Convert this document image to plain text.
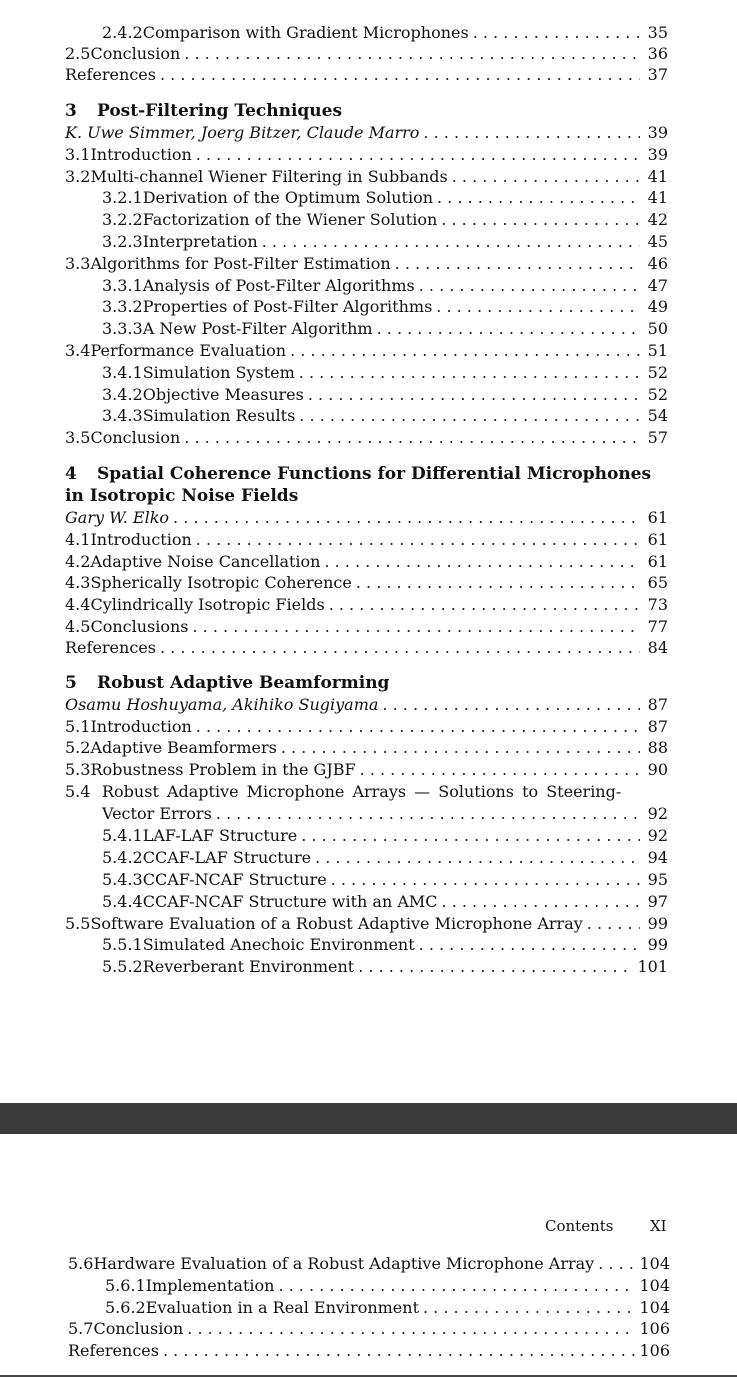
2.4.2 Comparison with Gradient Microphones . . .	35
2.5 Conclusion . . .	36
References . . .	37
3 Post-Filtering Techniques
K. Uwe Simmer, Joerg Bitzer, Claude Marro . . .	39
3.1 Introduction . . .	39
3.2 Multi-channel Wiener Filtering in Subbands . . .	41
3.2.1 Derivation of the Optimum Solution . . .	41
3.2.2 Factorization of the Wiener Solution . . .	42
3.2.3 Interpretation . . .	45
3.3 Algorithms for Post-Filter Estimation . . .	46
3.3.1 Analysis of Post-Filter Algorithms . . .	47
3.3.2 Properties of Post-Filter Algorithms . . .	49
3.3.3 A New Post-Filter Algorithm . . .	50
3.4 Performance Evaluation . . .	51
3.4.1 Simulation System . . .	52
3.4.2 Objective Measures . . .	52
3.4.3 Simulation Results . . .	54
3.5 Conclusion . . .	57
4 Spatial Coherence Functions for Differential Microphones
in Isotropic Noise Fields
Gary W. Elko . . .	61
4.1 Introduction . . .	61
4.2 Adaptive Noise Cancellation . . .	61
4.3 Spherically Isotropic Coherence . . .	65
4.4 Cylindrically Isotropic Fields . . .	73
4.5 Conclusions . . .	77
References . . .	84
5 Robust Adaptive Beamforming
Osamu Hoshuyama, Akihiko Sugiyama . . .	87
5.1 Introduction . . .	87
5.2 Adaptive Beamformers . . .	88
5.3 Robustness Problem in the GJBF . . .	90
5.4 Robust Adaptive Microphone Arrays — Solutions to Steering-
Vector Errors . . .	92
5.4.1 LAF-LAF Structure . . .	92
5.4.2 CCAF-LAF Structure . . .	94
5.4.3 CCAF-NCAF Structure . . .	95
5.4.4 CCAF-NCAF Structure with an AMC . . .	97
5.5 Software Evaluation of a Robust Adaptive Microphone Array . . .	99
5.5.1 Simulated Anechoic Environment . . .	99
5.5.2 Reverberant Environment . . .	101
Contents XI
5.6 Hardware Evaluation of a Robust Adaptive Microphone Array . . .	104
5.6.1 Implementation . . .	104
5.6.2 Evaluation in a Real Environment . . .	104
5.7 Conclusion . . .	106
References . . .	106
